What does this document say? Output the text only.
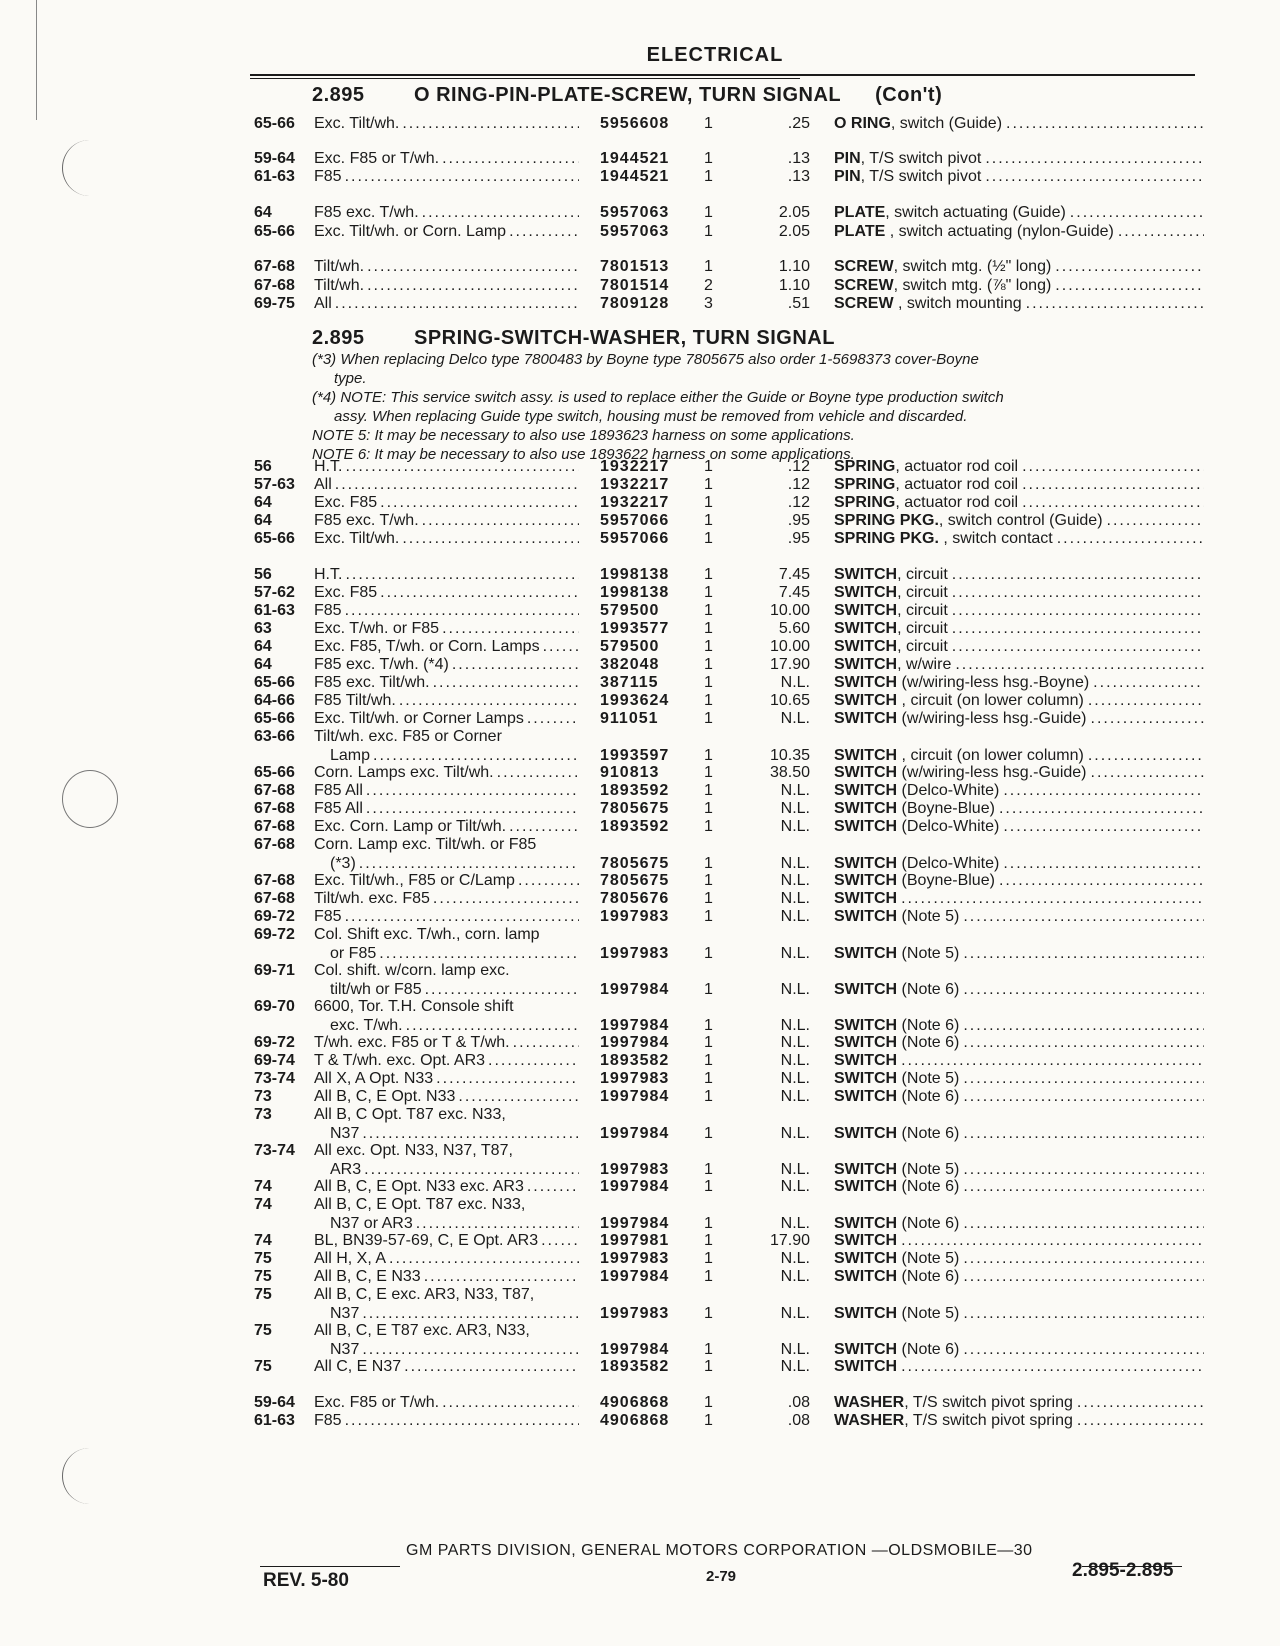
ELECTRICAL
2.895 O RING-PIN-PLATE-SCREW, TURN SIGNAL (Con't)
2.895 SPRING-SWITCH-WASHER, TURN SIGNAL
(*3) When replacing Delco type 7800483 by Boyne type 7805675 also order 1-5698373 cover-Boyne
type.
(*4) NOTE: This service switch assy. is used to replace either the Guide or Boyne type production switch
assy. When replacing Guide type switch, housing must be removed from vehicle and discarded.
NOTE 5: It may be necessary to also use 1893623 harness on some applications.
NOTE 6: It may be necessary to also use 1893622 harness on some applications.
65-66 Exc. Tilt/wh. .....	5956608	1	.25 O RING, switch (Guide)
.....
59-64 Exc. F85 or T/wh. .....	1944521	1	.13 PIN, T/S switch pivot
.....
61-63 F85 .....	1944521	1	.13 PIN, T/S switch pivot
.....
64	F85 exc. T/wh. .....	5957063	1	2.05 PLATE, switch actuating (Guide)
.....
65-66 Exc. Tilt/wh. or Corn. Lamp .....	5957063	1	2.05 PLATE , switch actuating (nylon-Guide)
.....
67-68 Tilt/wh. .....	7801513	1	1.10 SCREW, switch mtg. (½" long)
.....
67-68 Tilt/wh. .....	7801514	2	1.10 SCREW, switch mtg. (⅞" long)
.....
69-75 All .....	7809128	3	.51 SCREW , switch mounting
.....
56	H.T. .....	1932217	1	.12 SPRING, actuator rod coil
.....
57-63 All .....	1932217	1	.12 SPRING, actuator rod coil
.....
64	Exc. F85 .....	1932217	1	.12 SPRING, actuator rod coil
.....
64	F85 exc. T/wh. .....	5957066	1	.95 SPRING PKG., switch control (Guide)
.....
65-66 Exc. Tilt/wh. .....	5957066	1	.95 SPRING PKG. , switch contact
.....
56	H.T. .....	1998138	1	7.45 SWITCH, circuit
.....
57-62 Exc. F85 .....	1998138	1	7.45 SWITCH, circuit
.....
61-63 F85 .....	579500	1	10.00 SWITCH, circuit
.....
63	Exc. T/wh. or F85 .....	1993577	1	5.60 SWITCH, circuit
.....
64	Exc. F85, T/wh. or Corn. Lamps .....	579500	1	10.00 SWITCH, circuit
.....
64	F85 exc. T/wh. (*4) .....	382048	1	17.90 SWITCH, w/wire
.....
65-66 F85 exc. Tilt/wh. .....	387115	1	N.L. SWITCH (w/wiring-less hsg.-Boyne)
.....
64-66 F85 Tilt/wh. .....	1993624	1	10.65 SWITCH , circuit (on lower column)
.....
65-66 Exc. Tilt/wh. or Corner Lamps .....	911051	1	N.L. SWITCH (w/wiring-less hsg.-Guide)
.....
63-66 Tilt/wh. exc. F85 or Corner
Lamp .....	1993597	1	10.35 SWITCH , circuit (on lower column)
.....
65-66 Corn. Lamps exc. Tilt/wh. .....	910813	1	38.50 SWITCH (w/wiring-less hsg.-Guide)
.....
67-68 F85 All .....	1893592	1	N.L. SWITCH (Delco-White)
.....
67-68 F85 All .....	7805675	1	N.L. SWITCH (Boyne-Blue)
.....
67-68 Exc. Corn. Lamp or Tilt/wh. .....	1893592	1	N.L. SWITCH (Delco-White)
.....
67-68 Corn. Lamp exc. Tilt/wh. or F85
(*3) .....	7805675	1	N.L. SWITCH (Delco-White)
.....
67-68 Exc. Tilt/wh., F85 or C/Lamp .....	7805675	1	N.L. SWITCH (Boyne-Blue)
.....
67-68 Tilt/wh. exc. F85 .....	7805676	1	N.L. SWITCH
.....
69-72 F85 .....	1997983	1	N.L. SWITCH (Note 5)
.....
69-72 Col. Shift exc. T/wh., corn. lamp
or F85 .....	1997983	1	N.L. SWITCH (Note 5)
.....
69-71 Col. shift. w/corn. lamp exc.
tilt/wh or F85 .....	1997984	1	N.L. SWITCH (Note 6)
.....
69-70 6600, Tor. T.H. Console shift
exc. T/wh. .....	1997984	1	N.L. SWITCH (Note 6)
.....
69-72 T/wh. exc. F85 or T & T/wh. .....	1997984	1	N.L. SWITCH (Note 6)
.....
69-74 T & T/wh. exc. Opt. AR3 .....	1893582	1	N.L. SWITCH
.....
73-74 All X, A Opt. N33 .....	1997983	1	N.L. SWITCH (Note 5)
.....
73	All B, C, E Opt. N33 .....	1997984	1	N.L. SWITCH (Note 6)
.....
73	All B, C Opt. T87 exc. N33,
N37 .....	1997984	1	N.L. SWITCH (Note 6)
.....
73-74 All exc. Opt. N33, N37, T87,
AR3 .....	1997983	1	N.L. SWITCH (Note 5)
.....
74	All B, C, E Opt. N33 exc. AR3 .....	1997984	1	N.L. SWITCH (Note 6)
.....
74	All B, C, E Opt. T87 exc. N33,
N37 or AR3 .....	1997984	1	N.L. SWITCH (Note 6)
.....
74	BL, BN39-57-69, C, E Opt. AR3 .....	1997981	1	17.90 SWITCH
.....
75	All H, X, A .....	1997983	1	N.L. SWITCH (Note 5)
.....
75	All B, C, E N33 .....	1997984	1	N.L. SWITCH (Note 6)
.....
75	All B, C, E exc. AR3, N33, T87,
N37 .....	1997983	1	N.L. SWITCH (Note 5)
.....
75	All B, C, E T87 exc. AR3, N33,
N37 .....	1997984	1	N.L. SWITCH (Note 6)
.....
75	All C, E N37 .....	1893582	1	N.L. SWITCH
.....
59-64 Exc. F85 or T/wh. .....	4906868	1	.08 WASHER, T/S switch pivot spring
.....
61-63 F85 .....	4906868	1	.08 WASHER, T/S switch pivot spring
.....
GM PARTS DIVISION, GENERAL MOTORS CORPORATION —OLDSMOBILE—30
REV. 5-80	2-79	2.895-2.895
